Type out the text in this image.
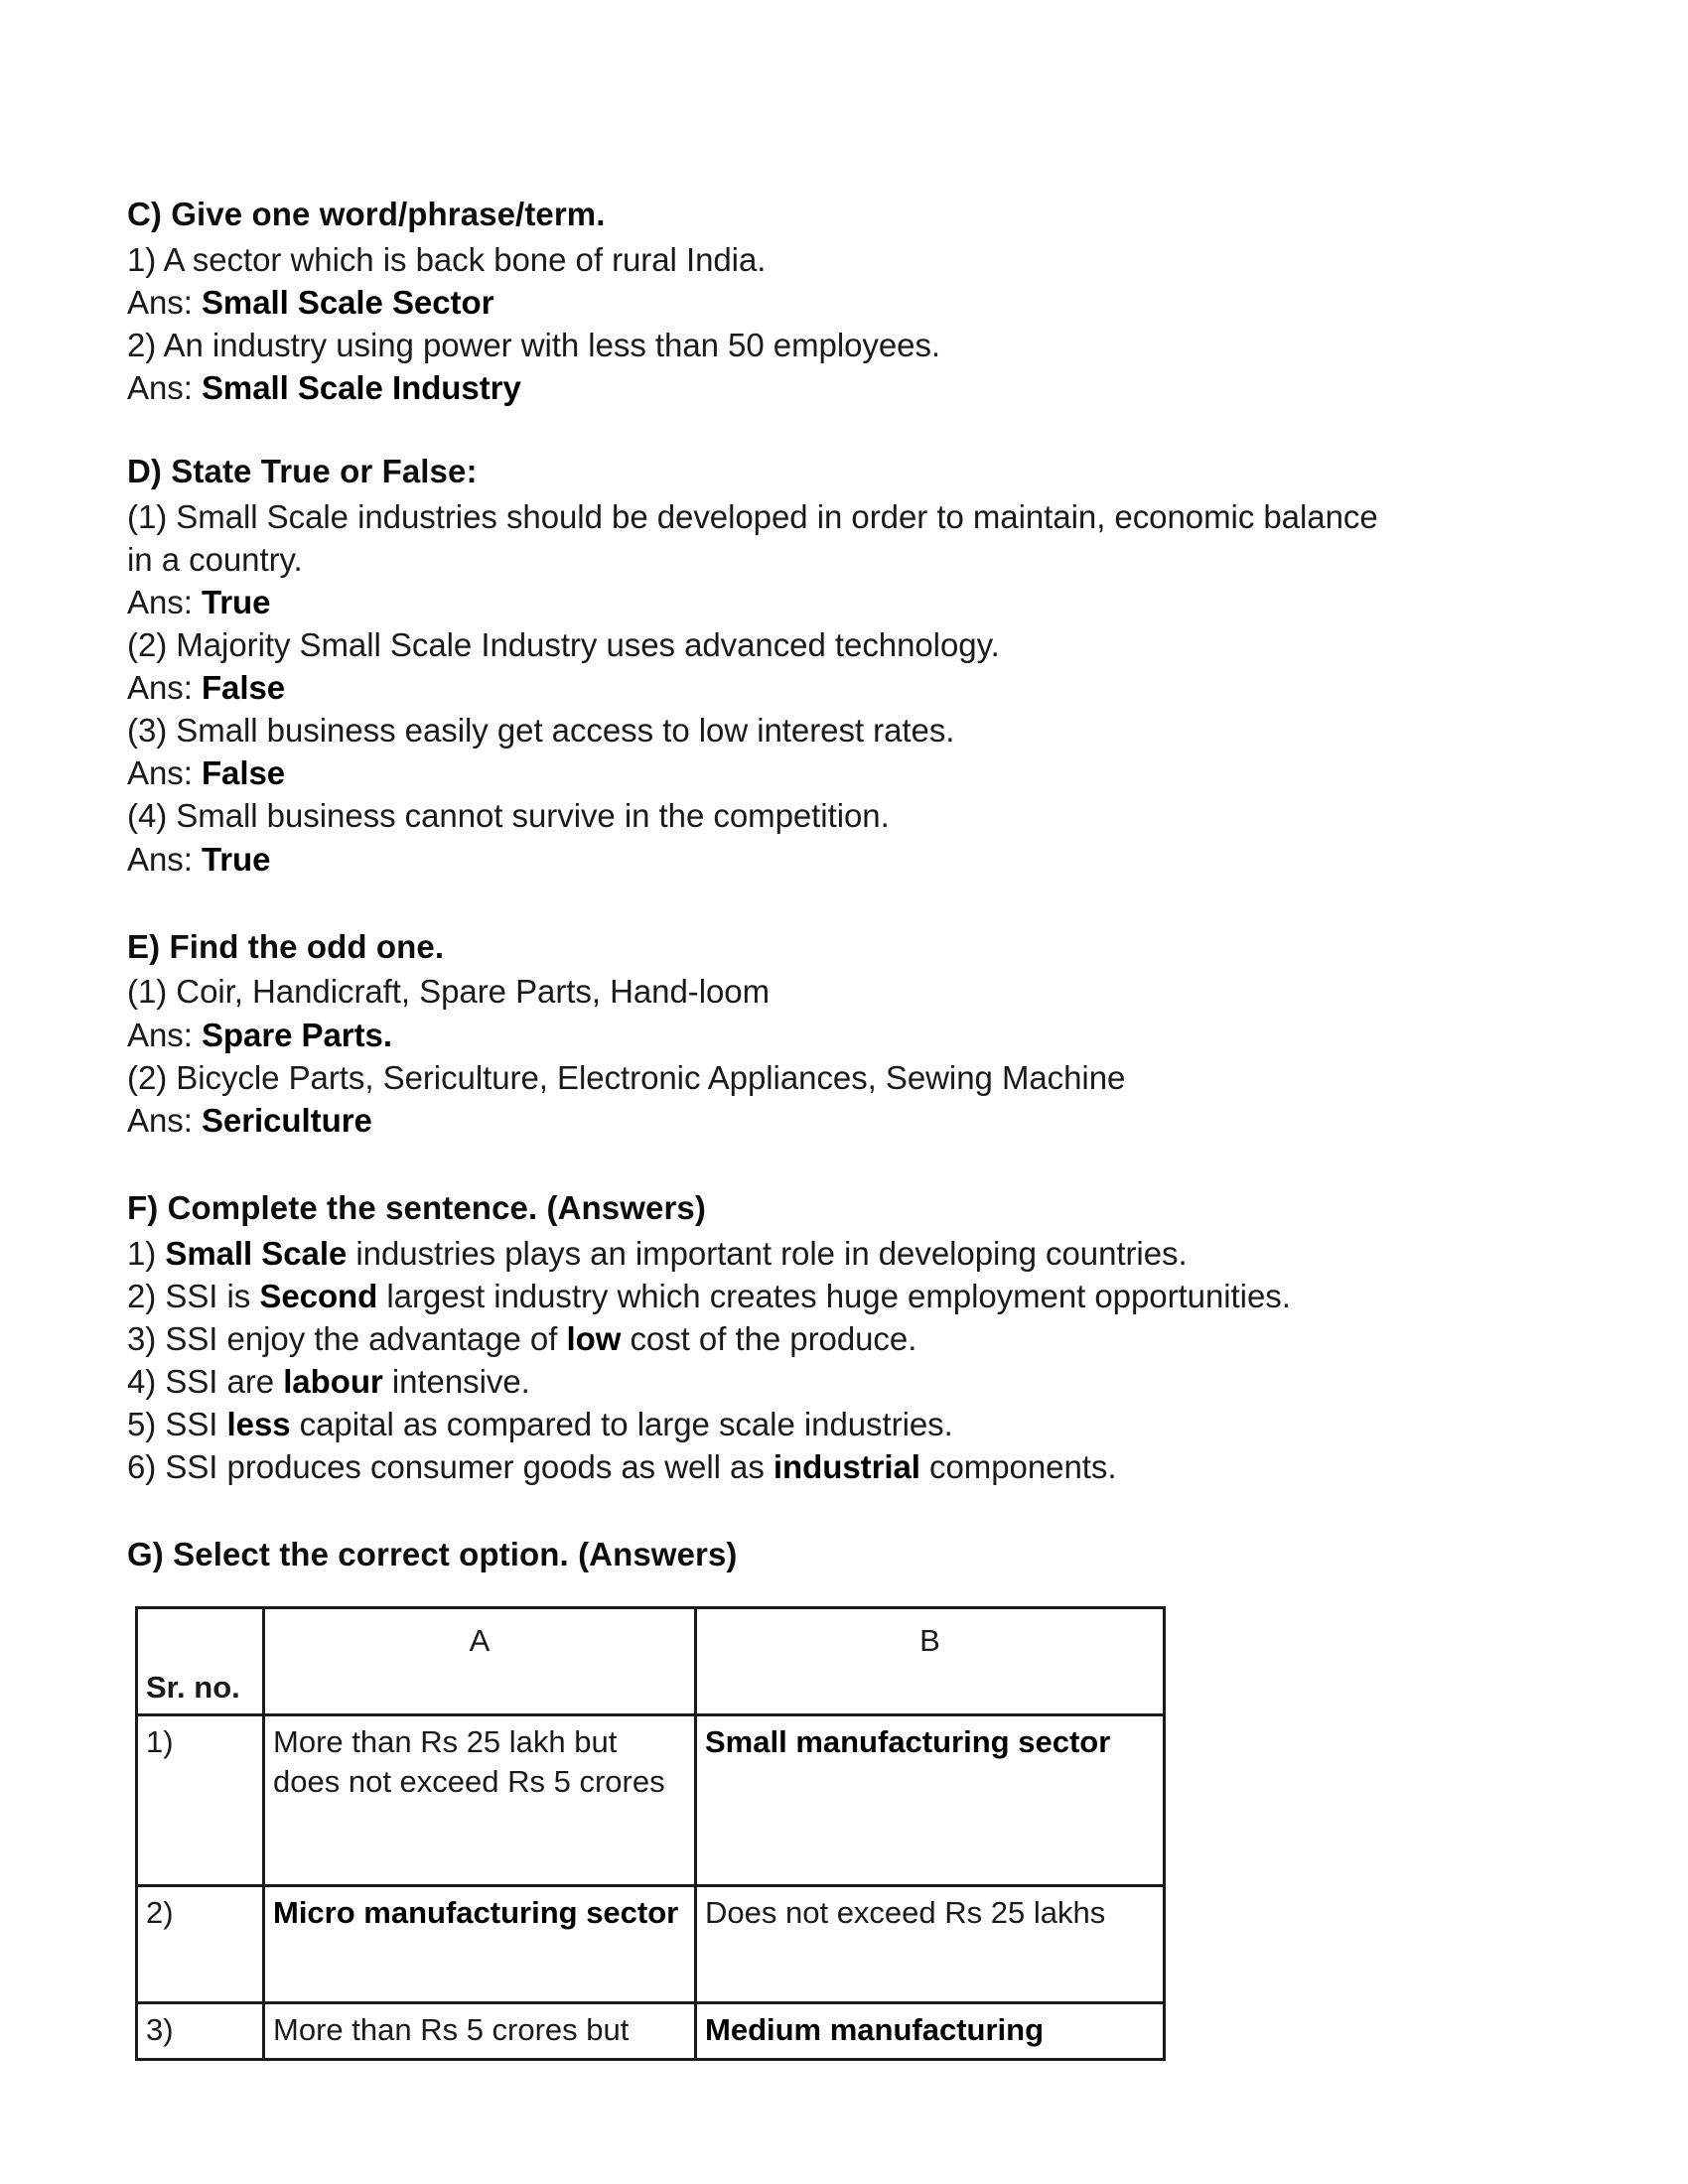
C) Give one word/phrase/term.

1) A sector which is back bone of rural India.

Ans: Small Scale Sector

2) An industry using power with less than 50 employees.

Ans: Small Scale Industry

D) State True or False:

(1) Small Scale industries should be developed in order to maintain, economic balance

in a country.

Ans: True

(2) Majority Small Scale Industry uses advanced technology.

Ans: False

(3) Small business easily get access to low interest rates.

Ans: False

(4) Small business cannot survive in the competition.

Ans: True

E) Find the odd one.

(1) Coir, Handicraft, Spare Parts, Hand-loom

Ans: Spare Parts.

(2) Bicycle Parts, Sericulture, Electronic Appliances, Sewing Machine

Ans: Sericulture

F) Complete the sentence. (Answers)

1) Small Scale industries plays an important role in developing countries.

2) SSI is Second largest industry which creates huge employment opportunities.

3) SSI enjoy the advantage of low cost of the produce.

4) SSI are labour intensive.

5) SSI less capital as compared to large scale industries.

6) SSI produces consumer goods as well as industrial components.

G) Select the correct option. (Answers)

Sr. no.	A	B

1)	More than Rs 25 lakh but does not exceed Rs 5 crores	Small manufacturing sector
2)	Micro manufacturing sector	Does not exceed Rs 25 lakhs
3)	More than Rs 5 crores but	Medium manufacturing
